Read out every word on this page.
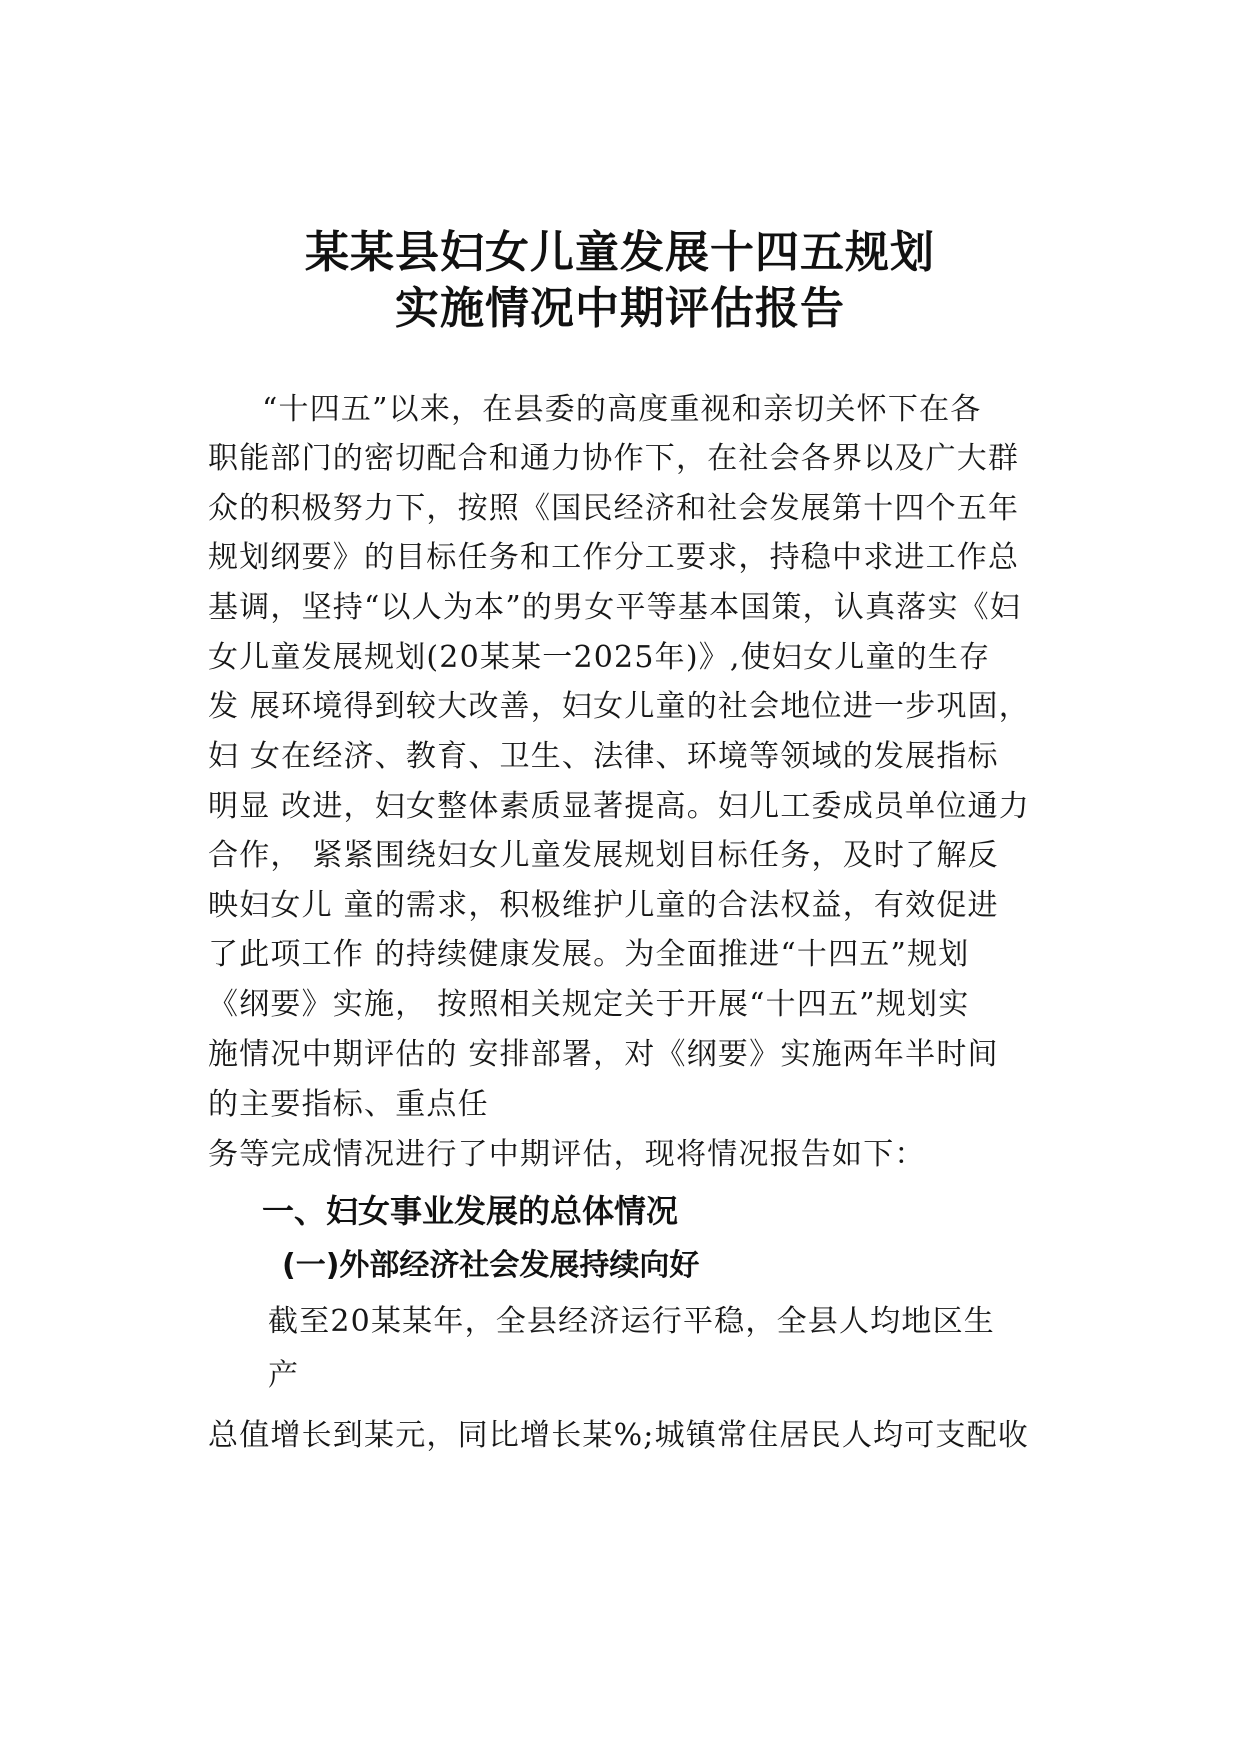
某某县妇女儿童发展十四五规划
实施情况中期评估报告
“十四五”以来，在县委的高度重视和亲切关怀下在各
职能部门的密切配合和通力协作下，在社会各界以及广大群
众的积极努力下，按照《国民经济和社会发展第十四个五年
规划纲要》的目标任务和工作分工要求，持稳中求进工作总
基调，坚持“以人为本”的男女平等基本国策，认真落实《妇
女儿童发展规划(20某某一2025年)》,使妇女儿童的生存
发 展环境得到较大改善，妇女儿童的社会地位进一步巩固，
妇 女在经济、教育、卫生、法律、环境等领域的发展指标
明显 改进，妇女整体素质显著提高。妇儿工委成员单位通力
合作， 紧紧围绕妇女儿童发展规划目标任务，及时了解反
映妇女儿 童的需求，积极维护儿童的合法权益，有效促进
了此项工作 的持续健康发展。为全面推进“十四五”规划
《纲要》实施， 按照相关规定关于开展“十四五”规划实
施情况中期评估的 安排部署，对《纲要》实施两年半时间
的主要指标、重点任
务等完成情况进行了中期评估，现将情况报告如下：
一、妇女事业发展的总体情况
(一)外部经济社会发展持续向好
截至20某某年，全县经济运行平稳，全县人均地区生
产
总值增长到某元，同比增长某%;城镇常住居民人均可支配收
